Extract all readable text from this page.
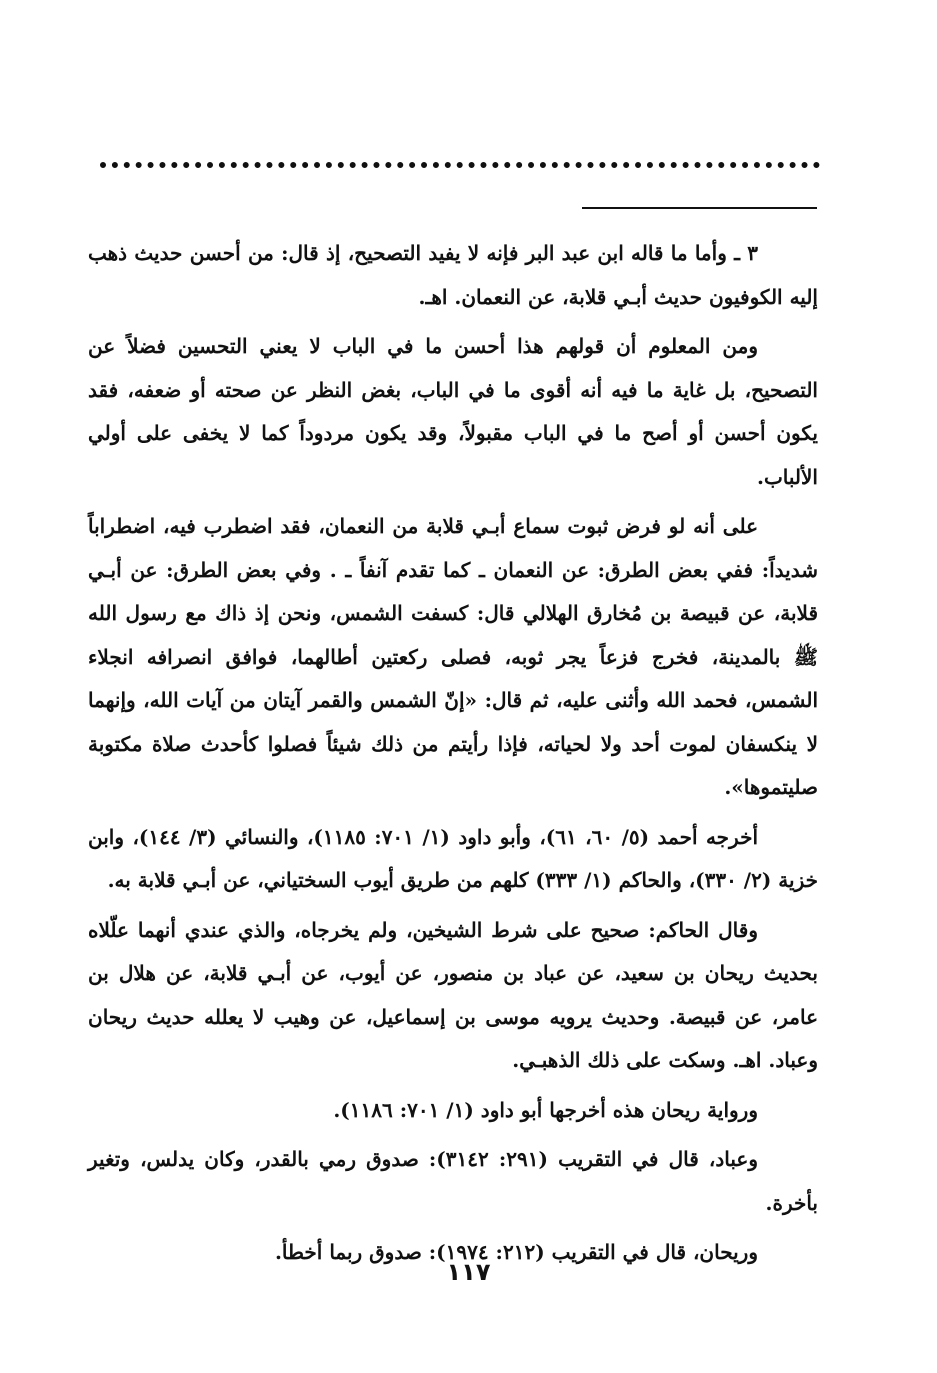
٣ ـ وأما ما قاله ابن عبد البر فإنه لا يفيد التصحيح، إذ قال: من أحسن حديث ذهب إليه الكوفيون حديث أبـي قلابة، عن النعمان. اهـ.

ومن المعلوم أن قولهم هذا أحسن ما في الباب لا يعني التحسين فضلاً عن التصحيح، بل غاية ما فيه أنه أقوى ما في الباب، بغض النظر عن صحته أو ضعفه، فقد يكون أحسن أو أصح ما في الباب مقبولاً، وقد يكون مردوداً كما لا يخفى على أولي الألباب.

على أنه لو فرض ثبوت سماع أبـي قلابة من النعمان، فقد اضطرب فيه، اضطراباً شديداً: ففي بعض الطرق: عن النعمان ـ كما تقدم آنفاً ـ . وفي بعض الطرق: عن أبـي قلابة، عن قبيصة بن مُخارق الهلالي قال: كسفت الشمس، ونحن إذ ذاك مع رسول الله ﷺ بالمدينة، فخرج فزعاً يجر ثوبه، فصلى ركعتين أطالهما، فوافق انصرافه انجلاء الشمس، فحمد الله وأثنى عليه، ثم قال: «إنّ الشمس والقمر آيتان من آيات الله، وإنهما لا ينكسفان لموت أحد ولا لحياته، فإذا رأيتم من ذلك شيئاً فصلوا كأحدث صلاة مكتوبة صليتموها».

أخرجه أحمد (٥/ ٦٠، ٦١)، وأبو داود (١/ ٧٠١: ١١٨٥)، والنسائي (٣/ ١٤٤)، وابن خزية (٢/ ٣٣٠)، والحاكم (١/ ٣٣٣) كلهم من طريق أيوب السختياني، عن أبـي قلابة به.

وقال الحاكم: صحيح على شرط الشيخين، ولم يخرجاه، والذي عندي أنهما علّلاه بحديث ريحان بن سعيد، عن عباد بن منصور، عن أيوب، عن أبـي قلابة، عن هلال بن عامر، عن قبيصة. وحديث يرويه موسى بن إسماعيل، عن وهيب لا يعلله حديث ريحان وعباد. اهـ. وسكت على ذلك الذهبـي.

ورواية ريحان هذه أخرجها أبو داود (١/ ٧٠١: ١١٨٦).

وعباد، قال في التقريب (٢٩١: ٣١٤٢): صدوق رمي بالقدر، وكان يدلس، وتغير بأخرة.

وريحان، قال في التقريب (٢١٢: ١٩٧٤): صدوق ربما أخطأ.

١١٧
